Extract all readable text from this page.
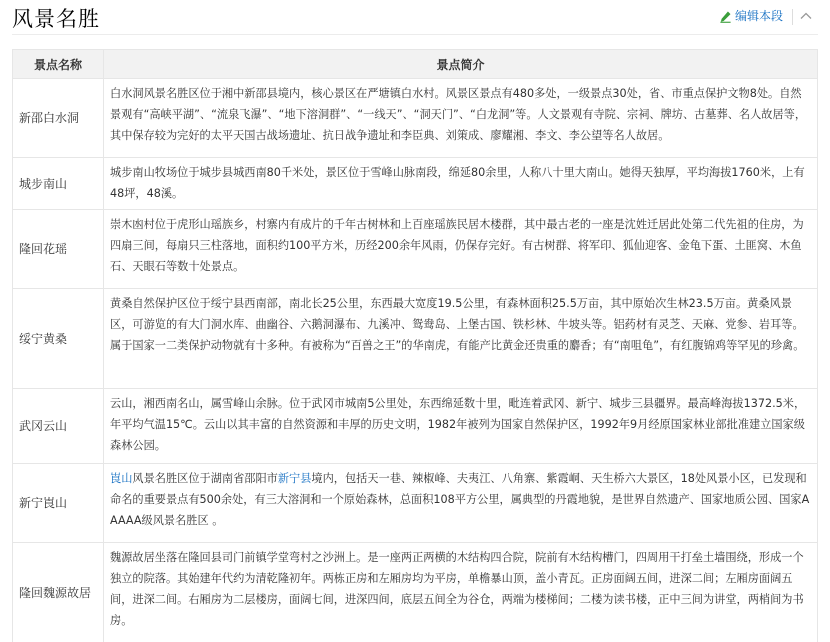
风景名胜	编辑本段
景点名称	景点简介
新邵白水洞	白水洞风景名胜区位于湘中新邵县境内，核心景区在严塘镇白水村。风景区景点有480多处，一级景点30处，省、市重点保护文物8处。自然景观有“高峡平湖”、“流泉飞瀑”、“地下溶洞群”、“一线天”、“洞天门”、“白龙洞”等。人文景观有寺院、宗祠、牌坊、古墓葬、名人故居等，其中保存较为完好的太平天国古战场遗址、抗日战争遗址和李臣典、刘策成、廖耀湘、李文、李公望等名人故居。
城步南山	城步南山牧场位于城步县城西南80千米处，景区位于雪峰山脉南段，绵延80余里，人称八十里大南山。她得天独厚，平均海拔1760米，上有48坪，48溪。
隆回花瑶	崇木凼村位于虎形山瑶族乡，村寨内有成片的千年古树林和上百座瑶族民居木楼群，其中最古老的一座是沈姓迁居此处第二代先祖的住房，为四扇三间，每扇只三柱落地，面积约100平方米，历经200余年风雨，仍保存完好。有古树群、将军印、狐仙迎客、金龟下蛋、土匪窝、木鱼石、天眼石等数十处景点。
绥宁黄桑	黄桑自然保护区位于绥宁县西南部，南北长25公里，东西最大宽度19.5公里，有森林面积25.5万亩，其中原始次生林23.5万亩。黄桑风景区，可游览的有大门洞水库、曲幽谷、六鹅洞瀑布、九溪冲、鸳鸯岛、上堡古国、铁杉林、牛坡头等。铝药材有灵芝、天麻、党参、岩耳等。属于国家一二类保护动物就有十多种。有被称为“百兽之王”的华南虎，有能产比黄金还贵重的麝香；有“南咀龟”，有红腹锦鸡等罕见的珍禽。
武冈云山	云山，湘西南名山，属雪峰山余脉。位于武冈市城南5公里处，东西绵延数十里，毗连着武冈、新宁、城步三县疆界。最高峰海拔1372.5米，年平均气温15℃。云山以其丰富的自然资源和丰厚的历史文明，1982年被列为国家自然保护区，1992年9月经原国家林业部批准建立国家级森林公园。
新宁崀山	崀山风景名胜区位于湖南省邵阳市新宁县境内，包括天一巷、辣椒峰、夫夷江、八角寨、紫霞峒、天生桥六大景区，18处风景小区，已发现和命名的重要景点有500余处，有三大溶洞和一个原始森林，总面积108平方公里，属典型的丹霞地貌，是世界自然遗产、国家地质公园、国家AAAAA级风景名胜区 。
隆回魏源故居	魏源故居坐落在隆回县司门前镇学堂弯村之沙洲上。是一座两正两横的木结构四合院，院前有木结构槽门，四周用干打垒土墙围绕，形成一个独立的院落。其始建年代约为清乾隆初年。两栋正房和左厢房均为平房，单檐暴山顶，盖小青瓦。正房面阔五间，进深二间；左厢房面阔五间，进深二间。右厢房为二层楼房，面阔七间，进深四间，底层五间全为谷仓，两端为楼梯间；二楼为读书楼，正中三间为讲堂，两梢间为书房。
